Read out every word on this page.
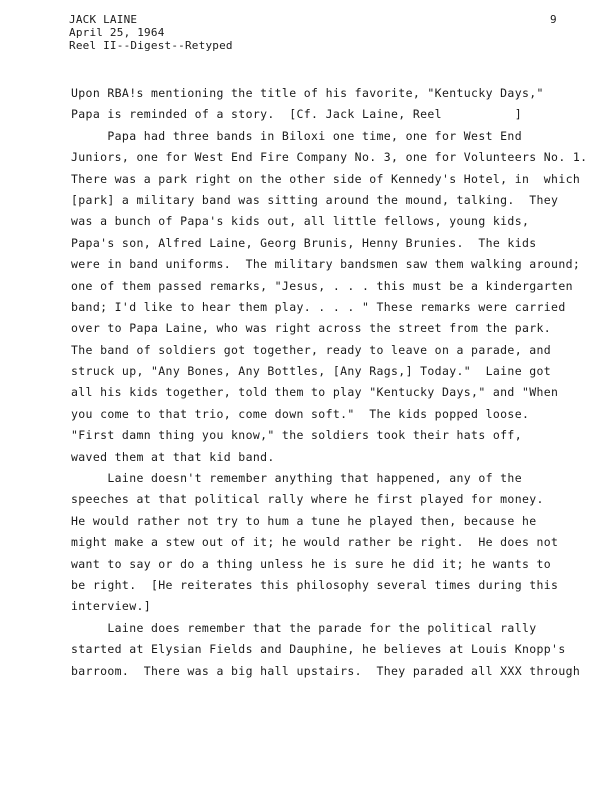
JACK LAINE
April 25, 1964
Reel II--Digest--Retyped
9
Upon RBA!s mentioning the title of his favorite, "Kentucky Days,"
Papa is reminded of a story.  [Cf. Jack Laine, Reel          ]
Papa had three bands in Biloxi one time, one for West End
Juniors, one for West End Fire Company No. 3, one for Volunteers No. 1.
There was a park right on the other side of Kennedy's Hotel, in  which
[park] a military band was sitting around the mound, talking.  They
was a bunch of Papa's kids out, all little fellows, young kids,
Papa's son, Alfred Laine, Georg Brunis, Henny Brunies.  The kids
were in band uniforms.  The military bandsmen saw them walking around;
one of them passed remarks, "Jesus, . . . this must be a kindergarten
band; I'd like to hear them play. . . . " These remarks were carried
over to Papa Laine, who was right across the street from the park.
The band of soldiers got together, ready to leave on a parade, and
struck up, "Any Bones, Any Bottles, [Any Rags,] Today."  Laine got
all his kids together, told them to play "Kentucky Days," and "When
you come to that trio, come down soft."  The kids popped loose.
"First damn thing you know," the soldiers took their hats off,
waved them at that kid band.
Laine doesn't remember anything that happened, any of the
speeches at that political rally where he first played for money.
He would rather not try to hum a tune he played then, because he
might make a stew out of it; he would rather be right.  He does not
want to say or do a thing unless he is sure he did it; he wants to
be right.  [He reiterates this philosophy several times during this
interview.]
Laine does remember that the parade for the political rally
started at Elysian Fields and Dauphine, he believes at Louis Knopp's
barroom.  There was a big hall upstairs.  They paraded all XXX through
